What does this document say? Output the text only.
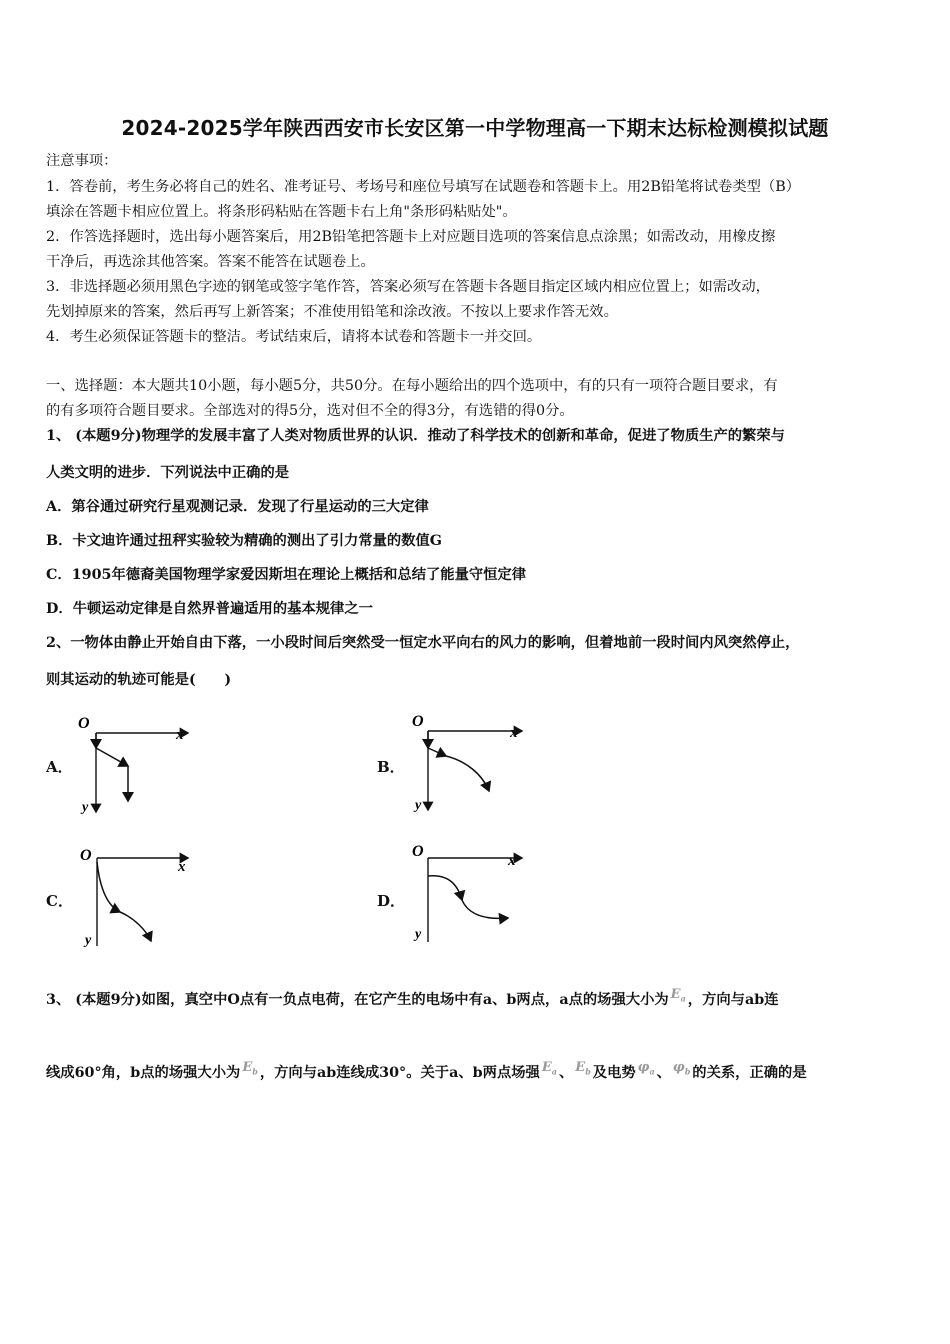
2024-2025学年陕西西安市长安区第一中学物理高一下期末达标检测模拟试题
注意事项：
1．答卷前，考生务必将自己的姓名、准考证号、考场号和座位号填写在试题卷和答题卡上。用2B铅笔将试卷类型（B）
填涂在答题卡相应位置上。将条形码粘贴在答题卡右上角"条形码粘贴处"。
2．作答选择题时，选出每小题答案后，用2B铅笔把答题卡上对应题目选项的答案信息点涂黑；如需改动，用橡皮擦
干净后，再选涂其他答案。答案不能答在试题卷上。
3．非选择题必须用黑色字迹的钢笔或签字笔作答，答案必须写在答题卡各题目指定区域内相应位置上；如需改动，
先划掉原来的答案，然后再写上新答案；不准使用铅笔和涂改液。不按以上要求作答无效。
4．考生必须保证答题卡的整洁。考试结束后，请将本试卷和答题卡一并交回。
一、选择题：本大题共10小题，每小题5分，共50分。在每小题给出的四个选项中，有的只有一项符合题目要求，有
的有多项符合题目要求。全部选对的得5分，选对但不全的得3分，有选错的得0分。
1、 (本题9分)物理学的发展丰富了人类对物质世界的认识．推动了科学技术的创新和革命，促进了物质生产的繁荣与
人类文明的进步．下列说法中正确的是
A．第谷通过研究行星观测记录．发现了行星运动的三大定律
B．卡文迪许通过扭秤实验较为精确的测出了引力常量的数值G
C．1905年德裔美国物理学家爱因斯坦在理论上概括和总结了能量守恒定律
D．牛顿运动定律是自然界普遍适用的基本规律之一
2、一物体由静止开始自由下落，一小段时间后突然受一恒定水平向右的风力的影响，但着地前一段时间内风突然停止，
则其运动的轨迹可能是(　　)
A．	B．
C．	D．
O
x
y
O
x
y
O
x
y
O
x
y
3、 (本题9分)如图，真空中O点有一负点电荷，在它产生的电场中有a、b两点，a点的场强大小为 $E_a$ ，方向与ab连
线成60°角，b点的场强大小为 $E_b$ ，方向与ab连线成30°。关于a、b两点场强 $E_a$ 、 $E_b$ 及电势 $\varphi_a$ 、 $\varphi_b$ 的关系，正确的是
